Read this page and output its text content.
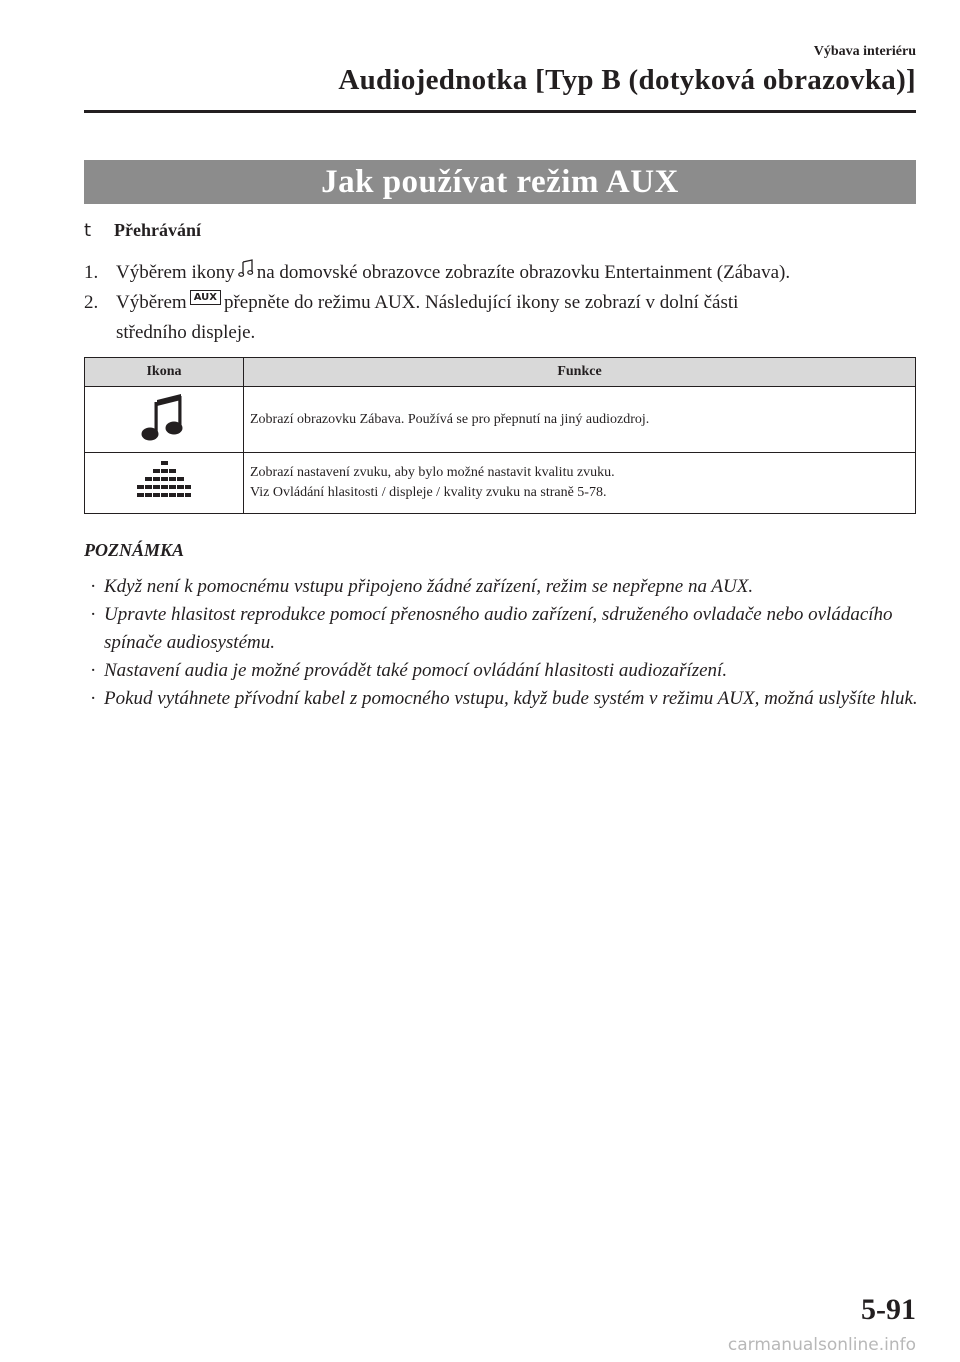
Výbava interiéru
Audiojednotka [Typ B (dotyková obrazovka)]
Jak používat režim AUX
t	Přehrávání
1. Výběrem ikony na domovské obrazovce zobrazíte obrazovku Entertainment (Zábava).
2. Výběrem AUX přepněte do režimu AUX. Následující ikony se zobrazí v dolní části
středního displeje.
Ikona	Funkce

Zobrazí obrazovku Zábava. Používá se pro přepnutí na jiný audiozdroj.

Zobrazí nastavení zvuku, aby bylo možné nastavit kvalitu zvuku.
Viz Ovládání hlasitosti / displeje / kvality zvuku na straně 5-78.
POZNÁMKA
· Když není k pomocnému vstupu připojeno žádné zařízení, režim se nepřepne na AUX.
· Upravte hlasitost reprodukce pomocí přenosného audio zařízení, sdruženého ovladače nebo ovládacího spínače audiosystému.
· Nastavení audia je možné provádět také pomocí ovládání hlasitosti audiozařízení.
· Pokud vytáhnete přívodní kabel z pomocného vstupu, když bude systém v režimu AUX, možná uslyšíte hluk.
5-91
carmanualsonline.info
